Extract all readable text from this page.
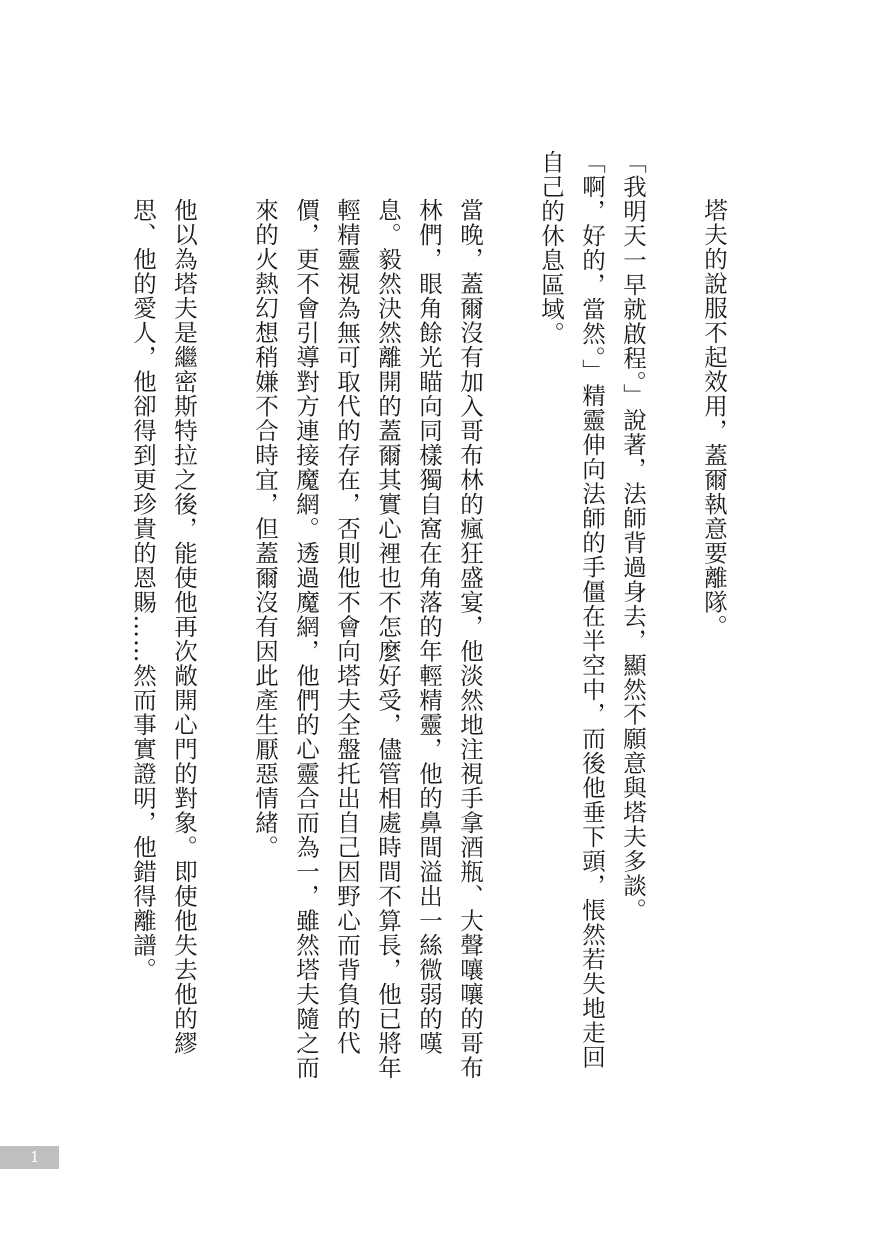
塔夫的說服不起效用，蓋爾執意要離隊。

「我明天一早就啟程。」說著，法師背過身去，顯然不願意與塔夫多談。

「啊，好的，當然。」精靈伸向法師的手僵在半空中，而後他垂下頭，悵然若失地走回自己的休息區域。

當晚，蓋爾沒有加入哥布林的瘋狂盛宴，他淡然地注視手拿酒瓶、大聲嚷嚷的哥布林們，眼角餘光瞄向同樣獨自窩在角落的年輕精靈，他的鼻間溢出一絲微弱的嘆息。毅然決然離開的蓋爾其實心裡也不怎麼好受，儘管相處時間不算長，他已將年輕精靈視為無可取代的存在，否則他不會向塔夫全盤托出自己因野心而背負的代價，更不會引導對方連接魔網。透過魔網，他們的心靈合而為一，雖然塔夫隨之而來的火熱幻想稍嫌不合時宜，但蓋爾沒有因此產生厭惡情緒。

他以為塔夫是繼密斯特拉之後，能使他再次敞開心門的對象。即使他失去他的繆思、他的愛人，他卻得到更珍貴的恩賜……然而事實證明，他錯得離譜。

1
